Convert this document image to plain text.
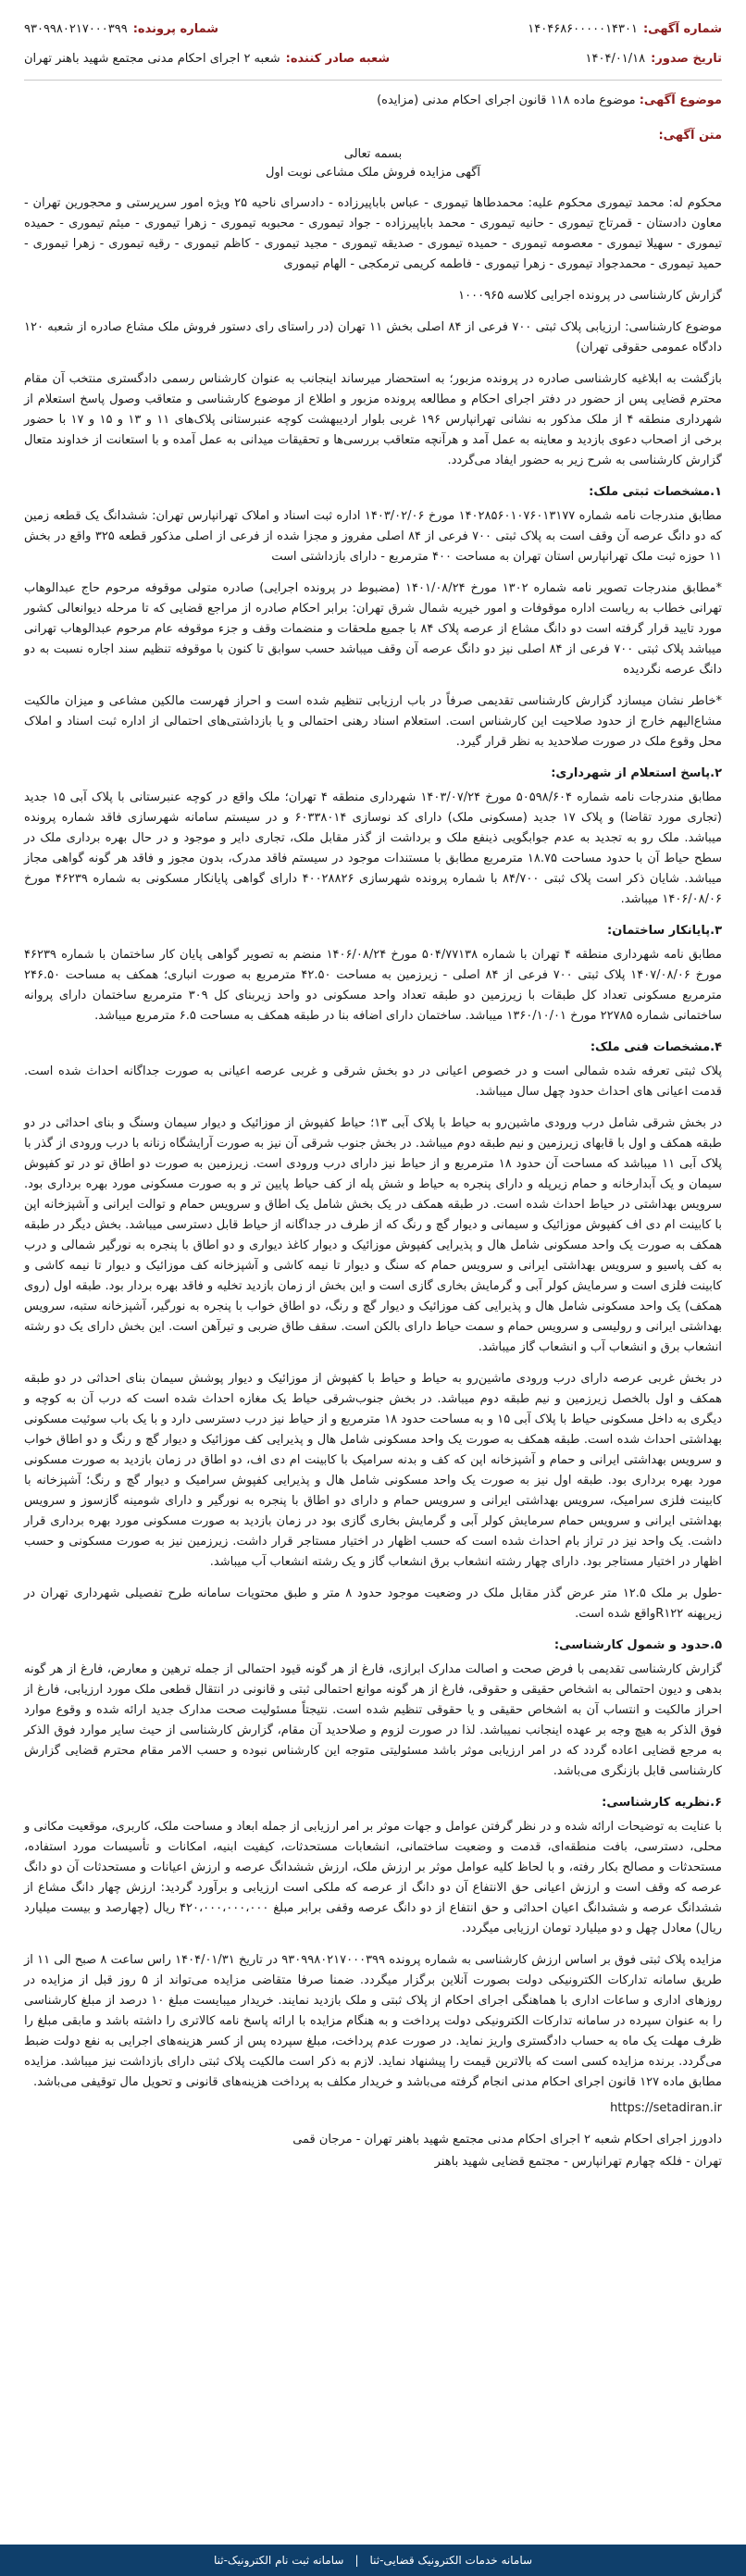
شماره آگهی:
۱۴۰۴۶۸۶۰۰۰۰۰۱۴۳۰۱
شماره پرونده:
۹۳۰۹۹۸۰۲۱۷۰۰۰۳۹۹
تاریخ صدور:
۱۴۰۴/۰۱/۱۸
شعبه صادر کننده:
شعبه ۲ اجرای احکام مدنی مجتمع شهید باهنر تهران
موضوع آگهی: موضوع ماده ۱۱۸ قانون اجرای احکام مدنی (مزایده)
متن آگهی:
بسمه تعالی
آگهی مزایده فروش ملک مشاعی نوبت اول

محکوم له: محمد تیموری محکوم علیه: محمدطاها تیموری - عباس باباپیرزاده - دادسرای ناحیه ۲۵ ویژه امور سرپرستی و محجورین تهران - معاون دادستان - قمرتاج تیموری - حانیه تیموری - محمد باباپیرزاده - جواد تیموری - محبوبه تیموری - زهرا تیموری - میثم تیموری - حمیده تیموری - سهیلا تیموری - معصومه تیموری - حمیده تیموری - صدیقه تیموری - مجید تیموری - کاظم تیموری - رقیه تیموری - زهرا تیموری - حمید تیموری - محمدجواد تیموری - زهرا تیموری - فاطمه کریمی ترمکجی - الهام تیموری

گزارش کارشناسی در پرونده اجرایی کلاسه ۱۰۰۰۹۶۵

موضوع کارشناسی: ارزیابی پلاک ثبتی ۷۰۰ فرعی از ۸۴ اصلی بخش ۱۱ تهران (در راستای رای دستور فروش ملک مشاع صادره از شعبه ۱۲۰ دادگاه عمومی حقوقی تهران)

بازگشت به ابلاغیه کارشناسی صادره در پرونده مزبور؛ به استحضار میرساند اینجانب به عنوان کارشناس رسمی دادگستری منتخب آن مقام محترم قضایی پس از حضور در دفتر اجرای احکام و مطالعه پرونده مزبور و اطلاع از موضوع کارشناسی و متعاقب وصول پاسخ استعلام از شهرداری منطقه ۴ از ملک مذکور به نشانی تهرانپارس ۱۹۶ غربی بلوار اردیبهشت کوچه عنبرستانی پلاک‌های ۱۱ و ۱۳ و ۱۵ و ۱۷ با حضور برخی از اصحاب دعوی بازدید و معاینه به عمل آمد و هرآنچه متعاقب بررسی‌ها و تحقیقات میدانی به عمل آمده و با استعانت از خداوند متعال گزارش کارشناسی به شرح زیر به حضور ایفاد می‌گردد.

۱.مشخصات ثبتی ملک:

مطابق مندرجات نامه شماره ۱۴۰۲۸۵۶۰۱۰۷۶۰۱۳۱۷۷ مورخ ۱۴۰۳/۰۲/۰۶ اداره ثبت اسناد و املاک تهرانپارس تهران: ششدانگ یک قطعه زمین که دو دانگ عرصه آن وقف است به پلاک ثبتی ۷۰۰ فرعی از ۸۴ اصلی مفروز و مجزا شده از فرعی از اصلی مذکور قطعه ۳۲۵ واقع در بخش ۱۱ حوزه ثبت ملک تهرانپارس استان تهران به مساحت ۴۰۰ مترمربع - دارای بازداشتی است

*مطابق مندرجات تصویر نامه شماره ۱۳۰۲ مورخ ۱۴۰۱/۰۸/۲۴ (مضبوط در پرونده اجرایی) صادره متولی موقوفه مرحوم حاج عبدالوهاب تهرانی خطاب به ریاست اداره موقوفات و امور خیریه شمال شرق تهران: برابر احکام صادره از مراجع قضایی که تا مرحله دیوانعالی کشور مورد تایید قرار گرفته است دو دانگ مشاع از عرصه پلاک ۸۴ با جمیع ملحقات و منضمات وقف و جزء موقوفه عام مرحوم عبدالوهاب تهرانی میباشد پلاک ثبتی ۷۰۰ فرعی از ۸۴ اصلی نیز دو دانگ عرصه آن وقف میباشد حسب سوابق تا کنون با موقوفه تنظیم سند اجاره نسبت به دو دانگ عرصه نگردیده

*خاطر نشان میسازد گزارش کارشناسی تقدیمی صرفاً در باب ارزیابی تنظیم شده است و احراز فهرست مالکین مشاعی و میزان مالکیت مشاع‌الیهم خارج از حدود صلاحیت این کارشناس است. استعلام اسناد رهنی احتمالی و یا بازداشتی‌های احتمالی از اداره ثبت اسناد و املاک محل وقوع ملک در صورت صلاحدید به نظر قرار گیرد.

۲.پاسخ استعلام از شهرداری:

مطابق مندرجات نامه شماره ۵۰۵۹۸/۶۰۴ مورخ ۱۴۰۳/۰۷/۲۴ شهرداری منطقه ۴ تهران؛ ملک واقع در کوچه عنبرستانی با پلاک آبی ۱۵ جدید (تجاری مورد تقاضا) و پلاک ۱۷ جدید (مسکونی ملک) دارای کد نوسازی ۶۰۳۳۸۰۱۴ و در سیستم سامانه شهرسازی فاقد شماره پرونده میباشد. ملک رو به تجدید به عدم جوابگویی ذینفع ملک و برداشت از گذر مقابل ملک، تجاری دایر و موجود و در حال بهره برداری ملک در سطح حیاط آن با حدود مساحت ۱۸.۷۵ مترمربع مطابق با مستندات موجود در سیستم فاقد مدرک، بدون مجوز و فاقد هر گونه گواهی مجاز میباشد. شایان ذکر است پلاک ثبتی ۸۴/۷۰۰ با شماره پرونده شهرسازی ۴۰۰۲۸۸۲۶ دارای گواهی پایانکار مسکونی به شماره ۴۶۲۳۹ مورخ ۱۴۰۶/۰۸/۰۶ میباشد.

۳.پایانکار ساختمان:

مطابق نامه شهرداری منطقه ۴ تهران با شماره ۵۰۴/۷۷۱۳۸ مورخ ۱۴۰۶/۰۸/۲۴ منضم به تصویر گواهی پایان کار ساختمان با شماره ۴۶۲۳۹ مورخ ۱۴۰۷/۰۸/۰۶ پلاک ثبتی ۷۰۰ فرعی از ۸۴ اصلی - زیرزمین به مساحت ۴۲.۵۰ مترمربع به صورت انباری؛ همکف به مساحت ۲۴۶.۵۰ مترمربع مسکونی تعداد کل طبقات با زیرزمین دو طبقه تعداد واحد مسکونی دو واحد زیربنای کل ۳۰۹ مترمربع ساختمان دارای پروانه ساختمانی شماره ۲۲۷۸۵ مورخ ۱۳۶۰/۱۰/۰۱ میباشد. ساختمان دارای اضافه بنا در طبقه همکف به مساحت ۶.۵ مترمربع میباشد.

۴.مشخصات فنی ملک:

پلاک ثبتی تعرفه شده شمالی است و در خصوص اعیانی در دو بخش شرقی و غربی عرصه اعیانی به صورت جداگانه احداث شده است. قدمت اعیانی های احداث حدود چهل سال میباشد.

در بخش شرقی شامل درب ورودی ماشین‌رو به حیاط با پلاک آبی ۱۳؛ حیاط کفپوش از موزائیک و دیوار سیمان وسنگ و بنای احداثی در دو طبقه همکف و اول با قابهای زیرزمین و نیم طبقه دوم میباشد. در بخش جنوب شرقی آن نیز به صورت آرایشگاه زنانه با درب ورودی از گذر با پلاک آبی ۱۱ میباشد که مساحت آن حدود ۱۸ مترمربع و از حیاط نیز دارای درب ورودی است. زیرزمین به صورت دو اطاق تو در تو کفپوش سیمان و یک آبدارخانه و حمام زیرپله و دارای پنجره به حیاط و شش پله از کف حیاط پایین تر و به صورت مسکونی مورد بهره برداری بود. سرویس بهداشتی در حیاط احداث شده است. در طبقه همکف در یک بخش شامل یک اطاق و سرویس حمام و توالت ایرانی و آشپزخانه اپن با کابینت ام دی اف کفپوش موزائیک و سیمانی و دیوار گچ و رنگ که از طرف در جداگانه از حیاط قابل دسترسی میباشد. بخش دیگر در طبقه همکف به صورت یک واحد مسکونی شامل هال و پذیرایی کفپوش موزائیک و دیوار کاغذ دیواری و دو اطاق با پنجره به نورگیر شمالی و درب به کف پاسیو و سرویس بهداشتی ایرانی و سرویس حمام که سنگ و دیوار تا نیمه کاشی و آشپزخانه کف موزائیک و دیوار تا نیمه کاشی و کابینت فلزی است و سرمایش کولر آبی و گرمایش بخاری گازی است و این بخش از زمان بازدید تخلیه و فاقد بهره بردار بود. طبقه اول (روی همکف) یک واحد مسکونی شامل هال و پذیرایی کف موزائیک و دیوار گچ و رنگ، دو اطاق خواب با پنجره به نورگیر، آشپزخانه ستبه، سرویس بهداشتی ایرانی و رولیسی و سرویس حمام و سمت حیاط دارای بالکن است. سقف طاق ضربی و تیرآهن است. این بخش دارای یک دو رشته انشعاب برق و انشعاب آب و انشعاب گاز میباشد.

در بخش غربی عرصه دارای درب ورودی ماشین‌رو به حیاط و حیاط با کفپوش از موزائیک و دیوار پوشش سیمان بنای احداثی در دو طبقه همکف و اول بالخصل زیرزمین و نیم طبقه دوم میباشد. در بخش جنوب‌شرقی حیاط یک مغازه احداث شده است که درب آن به کوچه و دیگری به داخل مسکونی حیاط با پلاک آبی ۱۵ و به مساحت حدود ۱۸ مترمربع و از حیاط نیز درب دسترسی دارد و با یک باب سوئیت مسکونی بهداشتی احداث شده است. طبقه همکف به صورت یک واحد مسکونی شامل هال و پذیرایی کف موزائیک و دیوار گچ و رنگ و دو اطاق خواب و سرویس بهداشتی ایرانی و حمام و آشپزخانه اپن که کف و بدنه سرامیک با کابینت ام دی اف، دو اطاق در زمان بازدید به صورت مسکونی مورد بهره برداری بود. طبقه اول نیز به صورت یک واحد مسکونی شامل هال و پذیرایی کفپوش سرامیک و دیوار گچ و رنگ؛ آشپزخانه با کابینت فلزی سرامیک، سرویس بهداشتی ایرانی و سرویس حمام و دارای دو اطاق با پنجره به نورگیر و دارای شومینه گازسوز و سرویس بهداشتی ایرانی و سرویس حمام سرمایش کولر آبی و گرمایش بخاری گازی بود در زمان بازدید به صورت مسکونی مورد بهره برداری قرار داشت. یک واحد نیز در تراز بام احداث شده است که حسب اظهار در اختیار مستاجر قرار داشت. زیرزمین نیز به صورت مسکونی و حسب اظهار در اختیار مستاجر بود. دارای چهار رشته انشعاب برق انشعاب گاز و یک رشته انشعاب آب میباشد.

-طول بر ملک ۱۲.۵ متر عرض گذر مقابل ملک در وضعیت موجود حدود ۸ متر و طبق محتویات سامانه طرح تفصیلی شهرداری تهران در زیرپهنه R۱۲۲واقع شده است.

۵.حدود و شمول کارشناسی:

گزارش کارشناسی تقدیمی با فرض صحت و اصالت مدارک ابرازی، فارغ از هر گونه قیود احتمالی از جمله ترهین و معارض، فارغ از هر گونه بدهی و دیون احتمالی به اشخاص حقیقی و حقوقی، فارغ از هر گونه موانع احتمالی ثبتی و قانونی در انتقال قطعی ملک مورد ارزیابی، فارغ از احراز مالکیت و انتساب آن به اشخاص حقیقی و یا حقوقی تنظیم شده است. نتیجتاً مسئولیت صحت مدارک جدید ارائه شده و وقوع موارد فوق الذکر به هیچ وجه بر عهده اینجانب نمیباشد. لذا در صورت لزوم و صلاحدید آن مقام، گزارش کارشناسی از حیث سایر موارد فوق الذکر به مرجع قضایی اعاده گردد که در امر ارزیابی موثر باشد مسئولیتی متوجه این کارشناس نبوده و حسب الامر مقام محترم قضایی گزارش کارشناسی قابل بازنگری می‌باشد.

۶.نظریه کارشناسی:

با عنایت به توضیحات ارائه شده و در نظر گرفتن عوامل و جهات موثر بر امر ارزیابی از جمله ابعاد و مساحت ملک، کاربری، موقعیت مکانی و محلی، دسترسی، بافت منطقه‌ای، قدمت و وضعیت ساختمانی، انشعابات مستحدثات، کیفیت ابنیه، امکانات و تأسیسات مورد استفاده، مستحدثات و مصالح بکار رفته، و با لحاظ کلیه عوامل موثر بر ارزش ملک، ارزش ششدانگ عرصه و ارزش اعیانات و مستحدثات آن دو دانگ عرصه که وقف است و ارزش اعیانی حق الانتفاع آن دو دانگ از عرصه که ملکی است ارزیابی و برآورد گردید: ارزش چهار دانگ مشاع از ششدانگ عرصه و ششدانگ اعیان احداثی و حق انتفاع از دو دانگ عرصه وقفی برابر مبلغ ۴۲۰،۰۰۰،۰۰۰،۰۰۰ ریال (چهارصد و بیست میلیارد ریال) معادل چهل و دو میلیارد تومان ارزیابی میگردد.

مزایده پلاک ثبتی فوق بر اساس ارزش کارشناسی به شماره پرونده ۹۳۰۹۹۸۰۲۱۷۰۰۰۳۹۹ در تاریخ ۱۴۰۴/۰۱/۳۱ راس ساعت ۸ صبح الی ۱۱ از طریق سامانه تدارکات الکترونیکی دولت بصورت آنلاین برگزار میگردد. ضمنا صرفا متقاضی مزایده می‌تواند از ۵ روز قبل از مزایده در روزهای اداری و ساعات اداری با هماهنگی اجرای احکام از پلاک ثبتی و ملک بازدید نمایند. خریدار میبایست مبلغ ۱۰ درصد از مبلغ کارشناسی را به عنوان سپرده در سامانه تدارکات الکترونیکی دولت پرداخت و به هنگام مزایده با ارائه پاسخ نامه کالاتری را داشته باشد و مابقی مبلغ را ظرف مهلت یک ماه به حساب دادگستری واریز نماید. در صورت عدم پرداخت، مبلغ سپرده پس از کسر هزینه‌های اجرایی به نفع دولت ضبط می‌گردد. برنده مزایده کسی است که بالاترین قیمت را پیشنهاد نماید. لازم به ذکر است مالکیت پلاک ثبتی دارای بازداشت نیز میباشد. مزایده مطابق ماده ۱۲۷ قانون اجرای احکام مدنی انجام گرفته می‌باشد و خریدار مکلف به پرداخت هزینه‌های قانونی و تحویل مال توقیفی می‌باشد.

https://setadiran.ir

دادورز اجرای احکام شعبه ۲ اجرای احکام مدنی مجتمع شهید باهنر تهران - مرجان قمی

تهران - فلکه چهارم تهرانپارس - مجتمع قضایی شهید باهنر

سامانه خدمات الکترونیک قضایی-ثنا
|
سامانه ثبت نام الکترونیک-ثنا
